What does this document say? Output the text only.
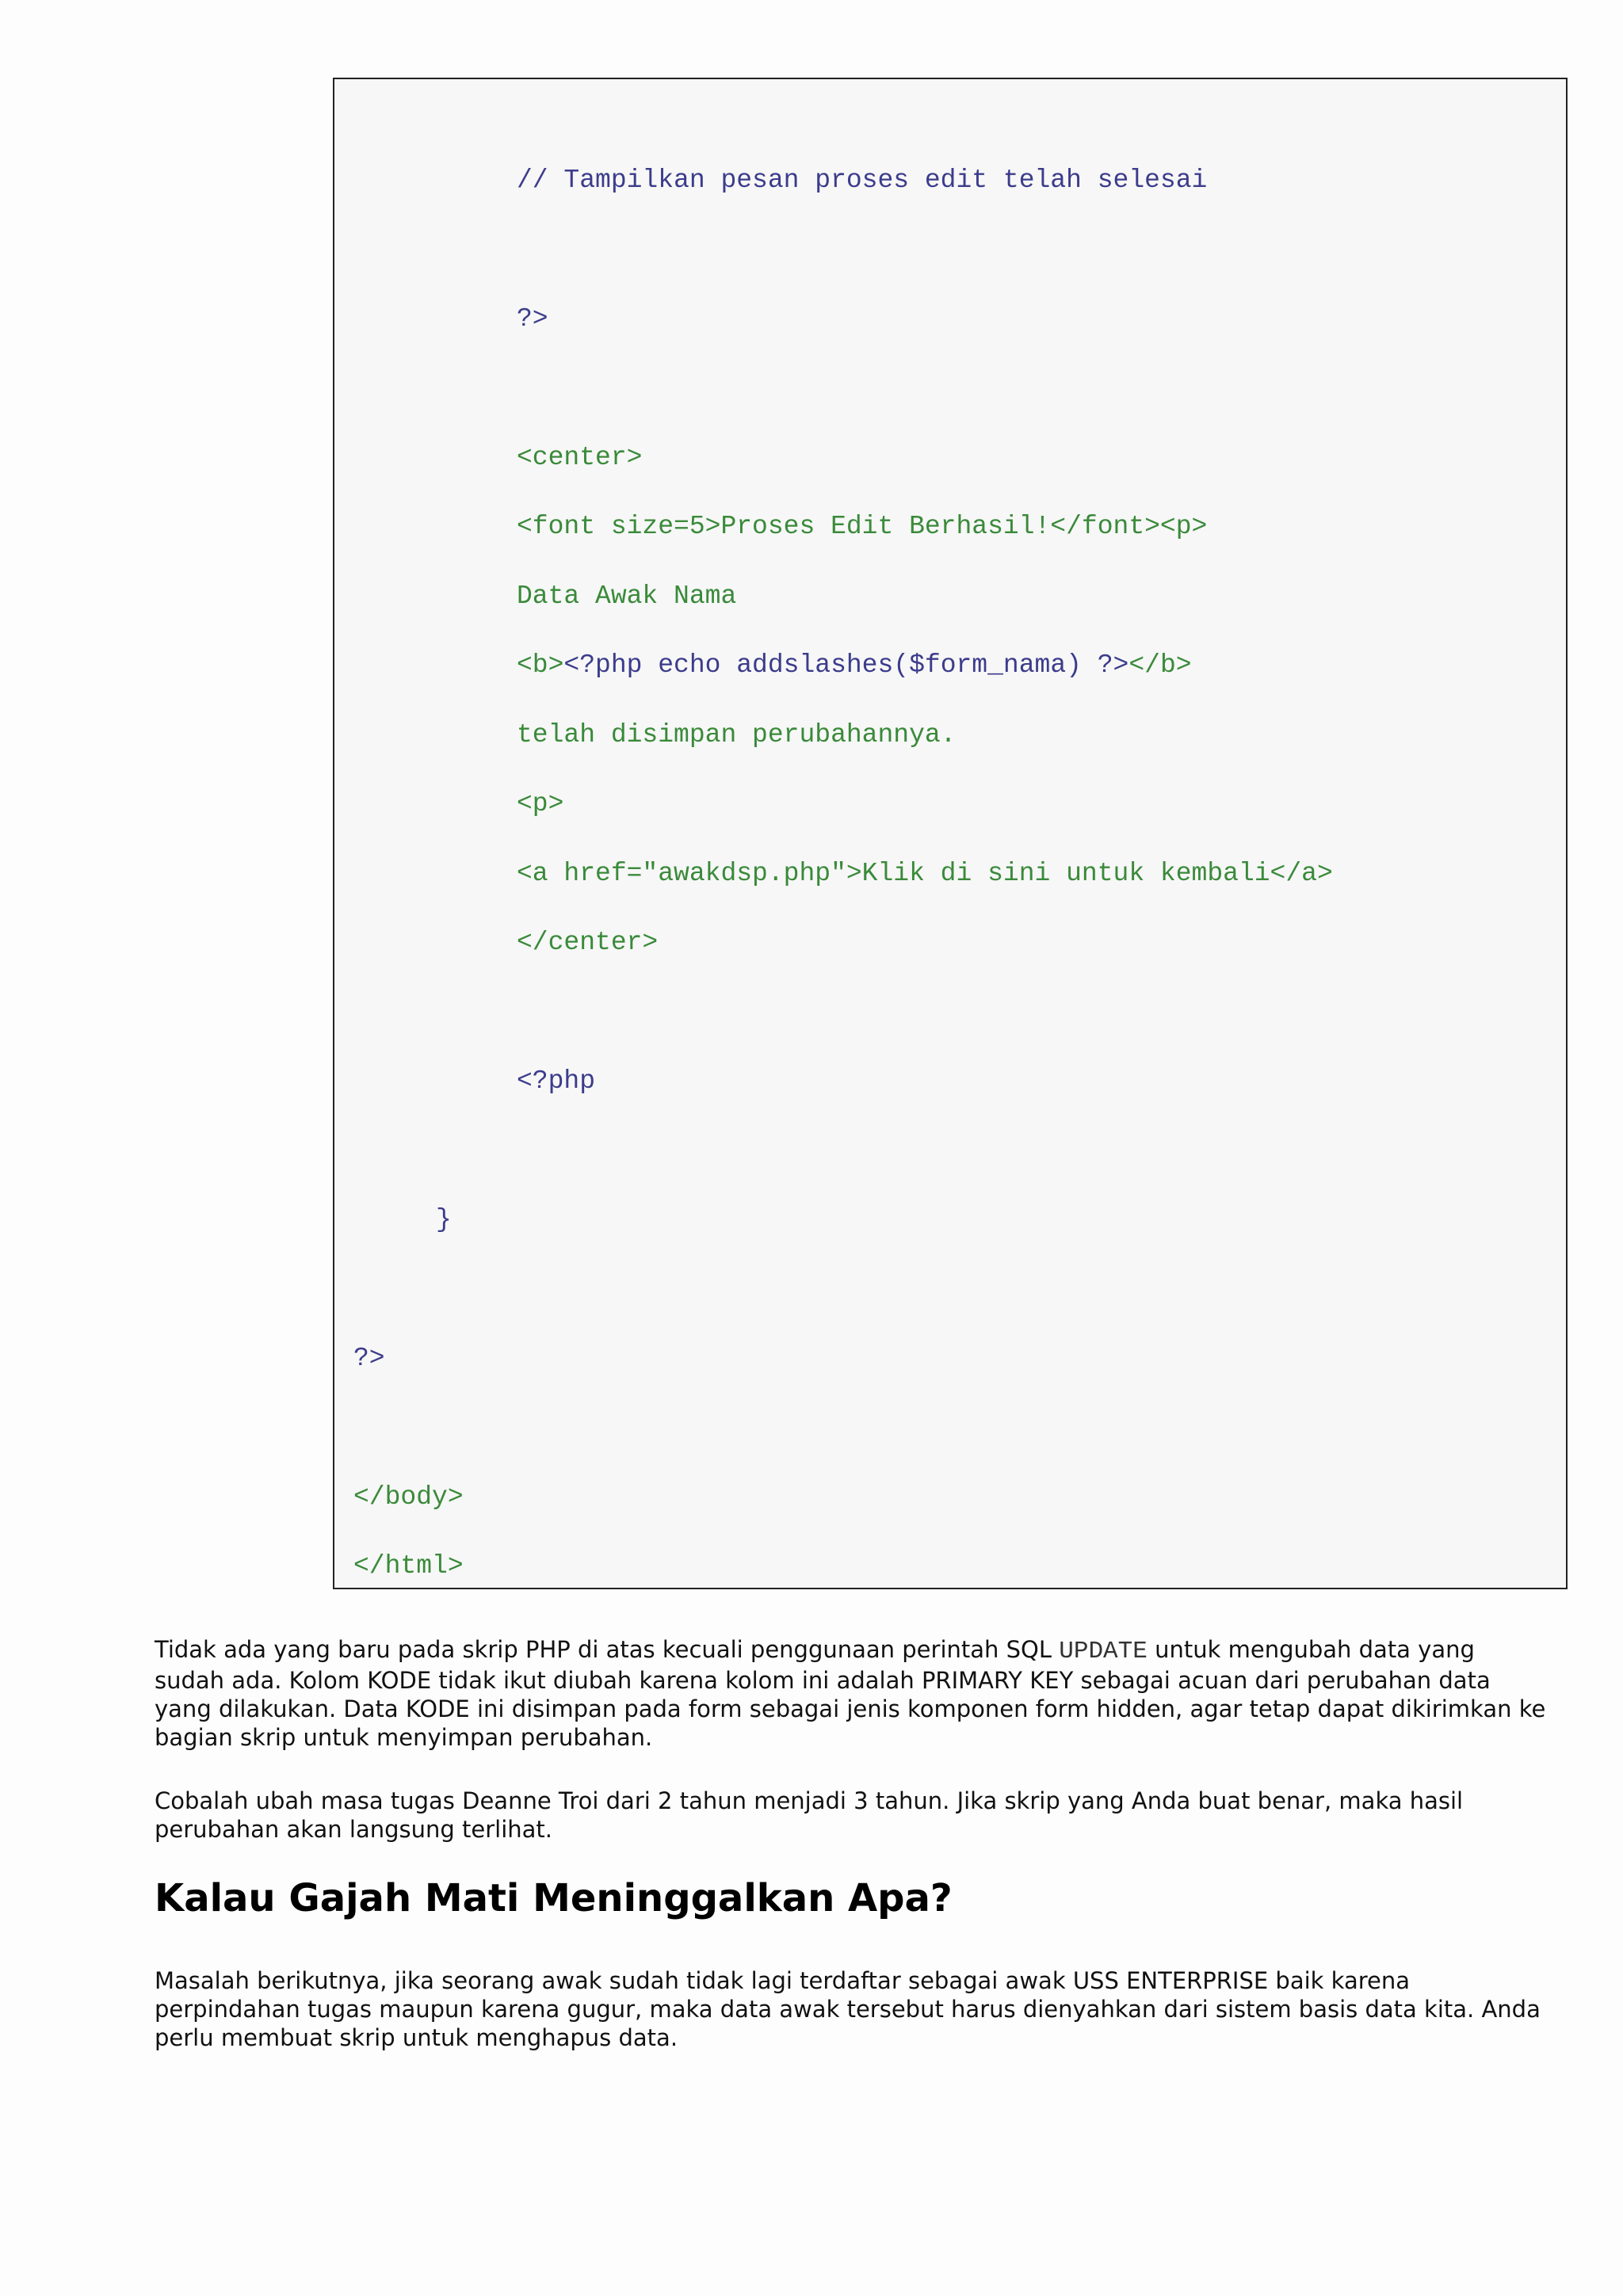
// Tampilkan pesan proses edit telah selesai
?>
<center>
<font size=5>Proses Edit Berhasil!</font><p>
Data Awak Nama
<b><?php echo addslashes($form_nama) ?></b>
telah disimpan perubahannya.
<p>
<a href="awakdsp.php">Klik di sini untuk kembali</a>
</center>
<?php
}
?>
</body>
</html>

Tidak ada yang baru pada skrip PHP di atas kecuali penggunaan perintah SQL UPDATE untuk mengubah data yang sudah ada. Kolom KODE tidak ikut diubah karena kolom ini adalah PRIMARY KEY sebagai acuan dari perubahan data yang dilakukan. Data KODE ini disimpan pada form sebagai jenis komponen form hidden, agar tetap dapat dikirimkan ke bagian skrip untuk menyimpan perubahan.

Cobalah ubah masa tugas Deanne Troi dari 2 tahun menjadi 3 tahun. Jika skrip yang Anda buat benar, maka hasil perubahan akan langsung terlihat.

Kalau Gajah Mati Meninggalkan Apa?

Masalah berikutnya, jika seorang awak sudah tidak lagi terdaftar sebagai awak USS ENTERPRISE baik karena perpindahan tugas maupun karena gugur, maka data awak tersebut harus dienyahkan dari sistem basis data kita. Anda perlu membuat skrip untuk menghapus data.
